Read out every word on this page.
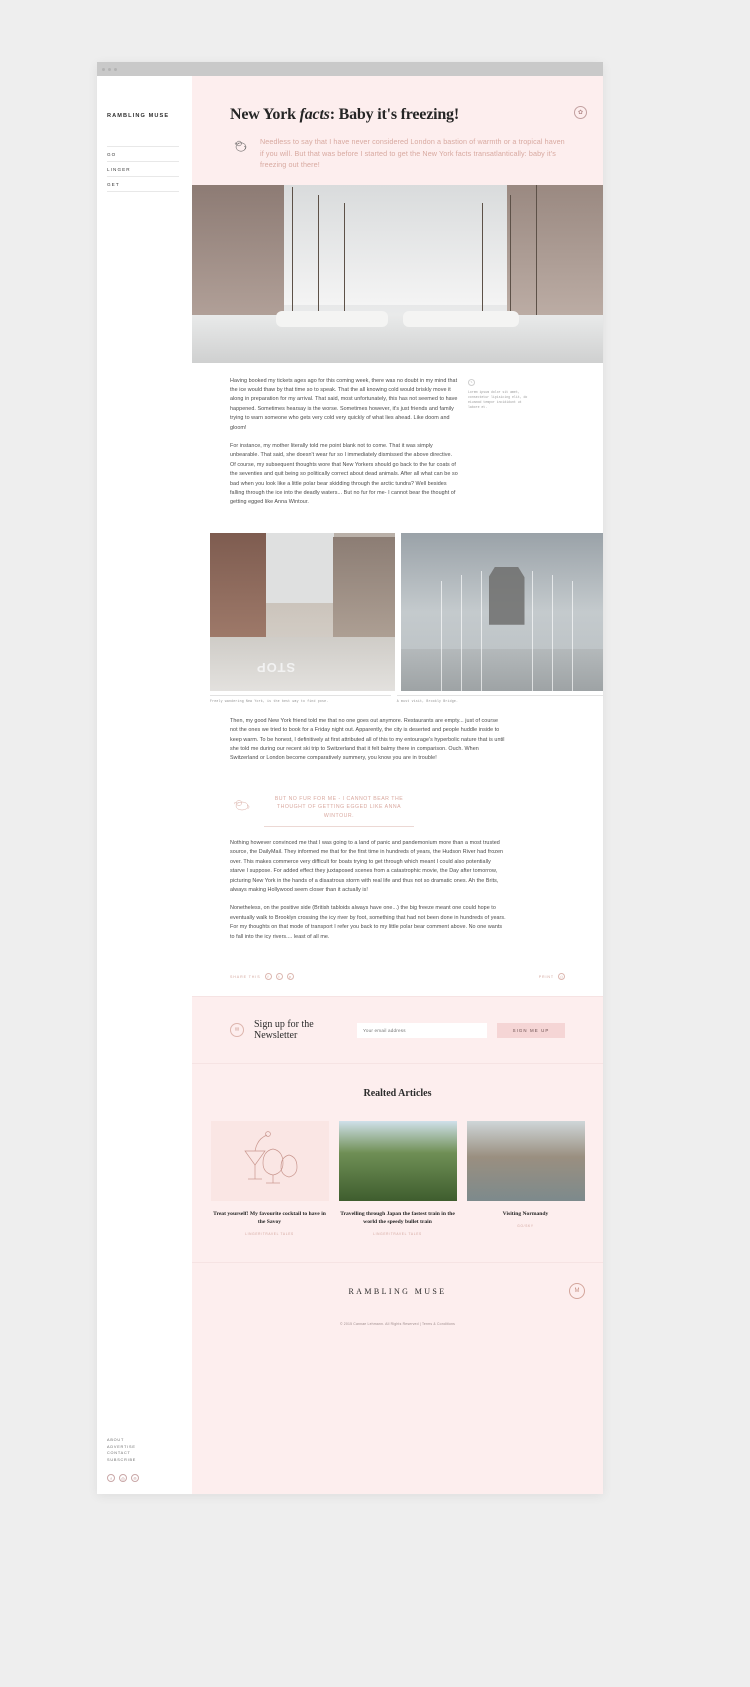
RAMBLING MUSE
GO
LINGER
GET
ABOUT
ADVERTISE
CONTACT
SUBSCRIBE
f	◎	℗
New York facts: Baby it's freezing!	✿
Needless to say that I have never considered London a bastion of warmth or a tropical haven if you will. But that was before I started to get the New York facts transatlantically: baby it's freezing out there!

Having booked my tickets ages ago for this coming week, there was no doubt in my mind that the ice would thaw by that time so to speak. That the all knowing cold would briskly move it along in preparation for my arrival. That said, most unfortunately, this has not seemed to have happened. Sometimes hearsay is the worse. Sometimes however, it's just friends and family trying to warn someone who gets very cold very quickly of what lies ahead. Like doom and gloom!

For instance, my mother literally told me point blank not to come. That it was simply unbearable. That said, she doesn't wear fur so I immediately dismissed the above directive. Of course, my subsequent thoughts wore that New Yorkers should go back to the fur coats of the seventies and quit being so politically correct about dead animals. After all what can be so bad when you look like a little polar bear skidding through the arctic tundra? Well besides falling through the ice into the deadly waters... But no fur for me- I cannot bear the thought of getting egged like Anna Wintour.

✎
Lorem ipsum dolor sit amet, consectetur lipisicing elit, do eiusmod tempor incididunt ut labore et.
STOP
Freely wandering New York, is the best way to find pose.	A must visit, Brookly Bridge.

Then, my good New York friend told me that no one goes out anymore. Restaurants are empty... just of course not the ones we tried to book for a Friday night out. Apparently, the city is deserted and people huddle inside to keep warm. To be honest, I definitively at first attributed all of this to my entourage's hyperbolic nature that is until she told me during our recent ski trip to Switzerland that it felt balmy there in comparison. Ouch. When Switzerland or London become comparatively summery, you know you are in trouble!

BUT NO FUR FOR ME - I CANNOT BEAR THE THOUGHT OF GETTING EGGED LIKE ANNA WINTOUR.

Nothing however convinced me that I was going to a land of panic and pandemonium more than a most trusted source, the DailyMail. They informed me that for the first time in hundreds of years, the Hudson River had frozen over. This makes commerce very difficult for boats trying to get through which meant I could also potentially starve I suppose. For added effect they juxtaposed scenes from a catastrophic movie, the Day after tomorrow, picturing New York in the hands of a disastrous storm with real life and thus not so dramatic ones. Ah the Brits, always making Hollywood seem closer than it actually is!

Nonetheless, on the positive side (British tabloids always have one...) the big freeze meant one could hope to eventually walk to Brooklyn crossing the icy river by foot, something that had not been done in hundreds of years. For my thoughts on that mode of transport I refer you back to my little polar bear comment above. No one wants to fall into the icy rivers.... least of all me.

SHARE THIS	f	t	p	PRINT	⎙
✉	Sign up for the Newsletter
Your email address	SIGN ME UP
Realted Articles
Treat yourself! My favourite cocktail to have in the Savoy
LINGER/TRAVEL TALES
Travelling through Japan the fastest train in the world the speedy bullet train
LINGER/TRAVEL TALES
Visiting Normandy
GO/SKY
RAMBLING MUSE	M
© 2015 Cannae Lehmann. All Rights Reserved | Terms & Conditions
